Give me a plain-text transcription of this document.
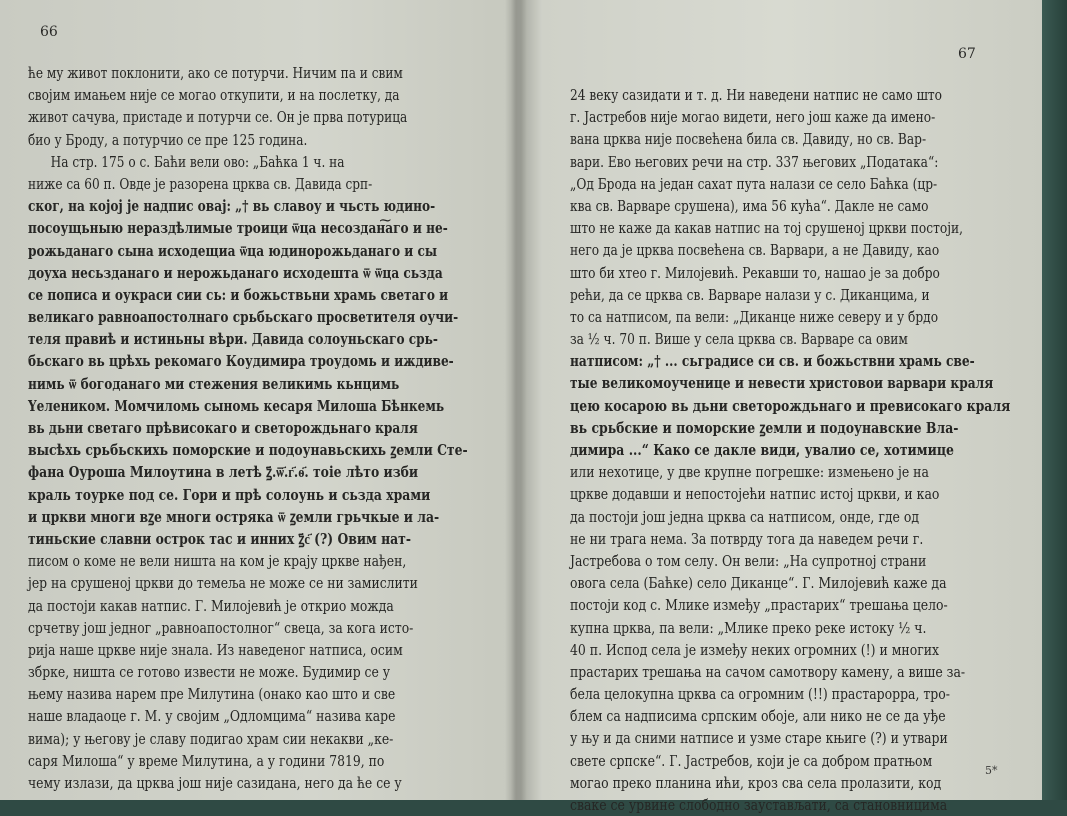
66
ће му живот поклонити, ако се потурчи. Ничим па и свим
својим имањем није се могао откупити, и на послетку, да
живот сачува, пристаде и потурчи се. Он је прва потурица
био у Броду, а потурчио се пре 125 година.
На стр. 175 о с. Баћи вели ово: „Баћка 1 ч. на
ниже са 60 п. Овде је разорена црква св. Давида срп-
ског, на којој је надпис овај: „† вь славоу и чьсть юдино-
посоущьныю нераздѣлимые троици ѿца несоздан͠аго и не-
рожьданаго сына исходещиа ѿца юдинорожьданаго и сы
доуха несьзданаго и нерожьданаго исходешта ѿ ѿца сьзда
се пописа и оукраси сии сь: и божьствьни храмь светаго и
великаго равноапостолнаго срьбьскаго просветителя оучи-
теля правиѣ и истиньны вѣри. Давида солоуньскаго срь-
бьскаго вь црѣхь рекомаго Коудимира троудомь и иждиве-
нимь ѿ богоданаго ми стежения великимь кьнцимь
Үелеником. Момчиломь сыномь кесаря Милоша Бѣнкемь
вь дьни светаго прѣвисокаго и светорождьнаго краля
высѣхь срьбьскихь поморские и подоунавьскихь ꙁемли Сте-
фана Оуроша Милоутина в летѣ ꙁ҃.ѿ҃.г҃.ѳ҃. тоіе лѣто изби
краль тоурке под се. Гори и прѣ солоунь и сьзда храми
и цркви многи вꙁе многи остряка ѿ ꙁемли грьчкые и ла-
тиньские славни острок тас и инних ꙁ҃с҃ (?) Овим нат-
писом о коме не вели ништа на ком је крају цркве нађен,
јер на срушеној цркви до темеља не може се ни замислити
да постоји какав натпис. Г. Милојевић је открио можда
срчетву још једног „равноапостолног“ свеца, за кога исто-
рија наше цркве није знала. Из наведеног натписа, осим
збрке, ништа се готово извести не може. Будимир се у
њему назива нарем пре Милутина (онако као што и све
наше владаоце г. М. у својим „Одломцима“ назива каре
вима); у његову је славу подигао храм сии некакви „ке-
саря Милоша“ у време Милутина, а у години 7819, по
чему излази, да црква још није сазидана, него да ће се у
67
24 веку сазидати и т. д. Ни наведени натпис не само што
г. Јастребов није могао видети, него још каже да имено-
вана црква није посвећена била св. Давиду, но св. Вар-
вари. Ево његових речи на стр. 337 његових „Података“:
„Од Брода на један сахат пута налази се село Баћка (цр-
ква св. Варваре срушена), има 56 кућа“. Дакле не само
што не каже да какав натпис на тој срушеној цркви постоји,
него да је црква посвећена св. Варвари, а не Давиду, као
што би хтео г. Милојевић. Рекавши то, нашао је за добро
рећи, да се црква св. Варваре налази у с. Диканцима, и
то са натписом, па вели: „Диканце ниже северу и у брдо
за ½ ч. 70 п. Више у села црква св. Варваре са овим
натписом: „† ... сьградисе си св. и божьствни храмь све-
тые великомоученице и невести христовои варвари краля
цею косарою вь дьни светорождьнаго и превисокаго краля
вь срьбские и поморские ꙁемли и подоунавские Вла-
димира ...“ Како се дакле види, увалио се, хотимице
или нехотице, у две крупне погрешке: измењено је на
цркве додавши и непостојећи натпис истој цркви, и као
да постоји још једна црква са натписом, онде, где од
не ни трага нема. За потврду тога да наведем речи г.
Јастребова о том селу. Он вели: „На супротној страни
овога села (Баћке) село Диканце“. Г. Милојевић каже да
постоји код с. Млике између „прастарих“ трешања цело-
купна црква, па вели: „Млике преко реке истоку ½ ч.
40 п. Испод села је између неких огромних (!) и многих
прастарих трешања на сачом самотвору камену, а више за-
бела целокупна црква са огромним (!!) прастарорра, тро-
блем са надписима српским обоје, али нико не се да уђе
у њу и да сними натписе и узме старе књиге (?) и утвари
свете српске“. Г. Јастребов, који је са добром пратњом
могао преко планина ићи, кроз сва села пролазити, код
сваке се урвине слободно заустављати, са становницима
5*
